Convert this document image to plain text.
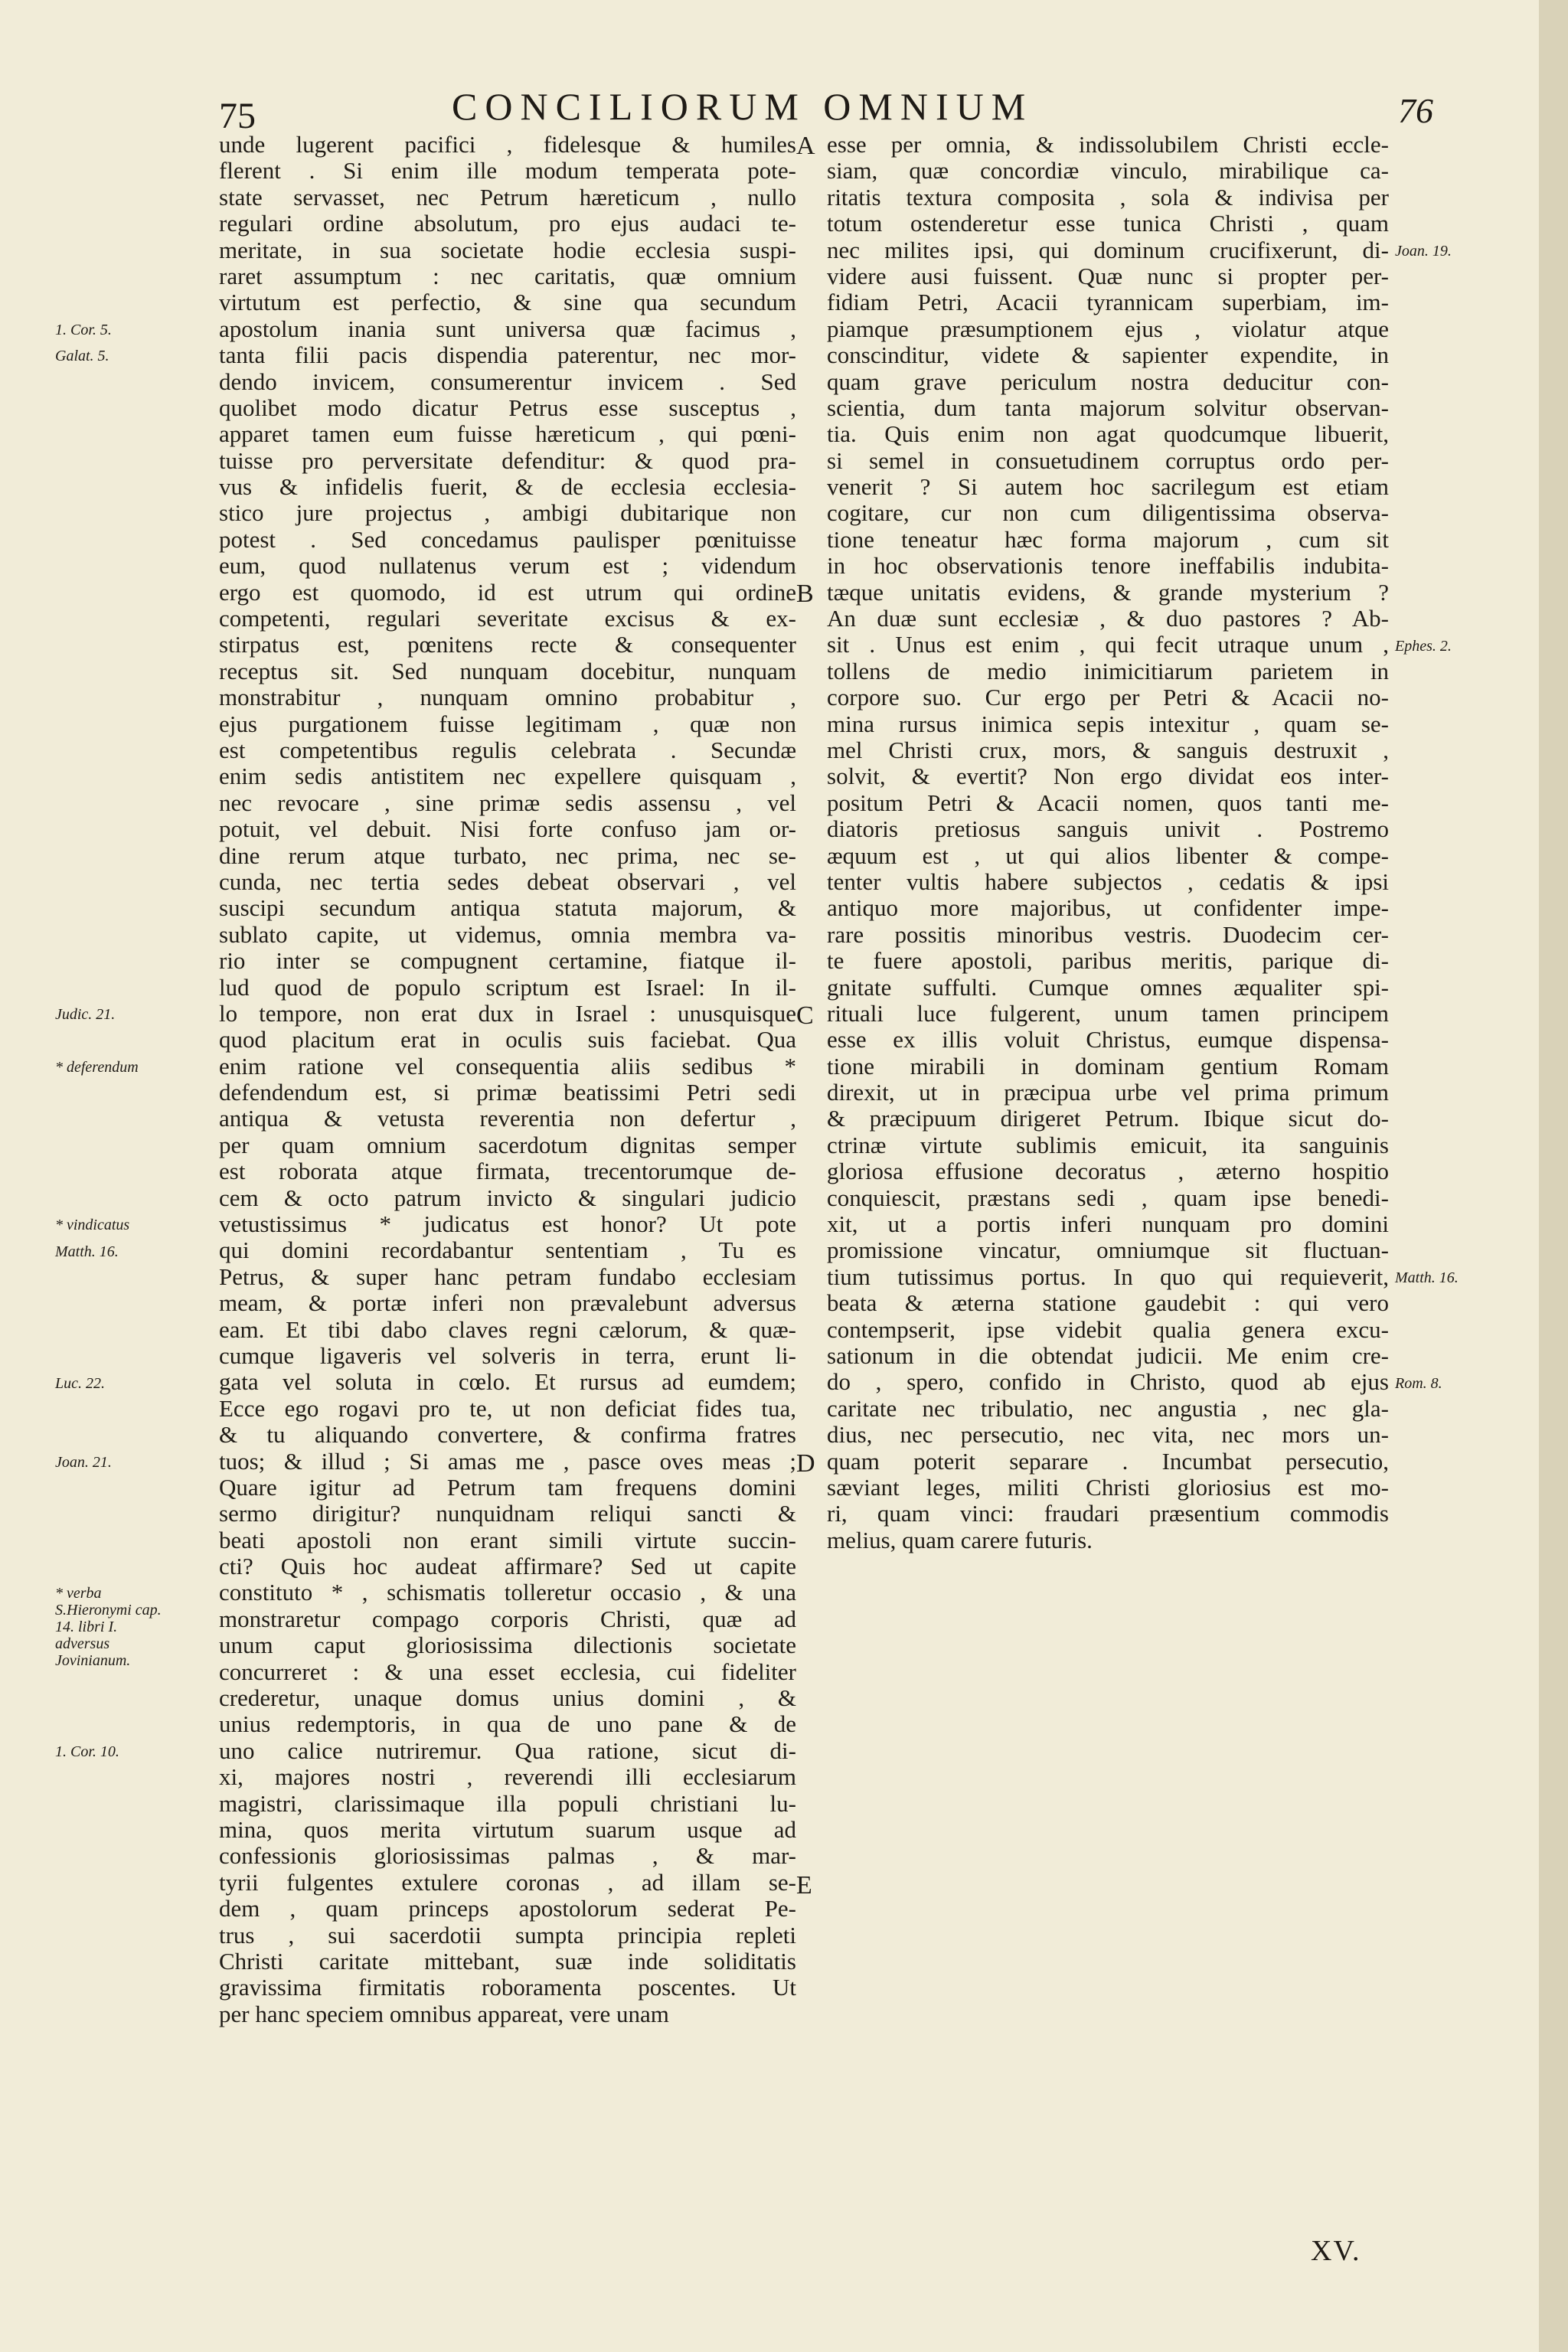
75	CONCILIORUM OMNIUM	76
unde lugerent pacifici , fidelesque & humiles
flerent . Si enim ille modum temperata pote-
state servasset, nec Petrum hæreticum , nullo
regulari ordine absolutum, pro ejus audaci te-
meritate, in sua societate hodie ecclesia suspi-
raret assumptum : nec caritatis, quæ omnium
virtutum est perfectio, & sine qua secundum
apostolum inania sunt universa quæ facimus ,
tanta filii pacis dispendia paterentur, nec mor-
dendo invicem, consumerentur invicem . Sed
quolibet modo dicatur Petrus esse susceptus ,
apparet tamen eum fuisse hæreticum , qui pœni-
tuisse pro perversitate defenditur: & quod pra-
vus & infidelis fuerit, & de ecclesia ecclesia-
stico jure projectus , ambigi dubitarique non
potest . Sed concedamus paulisper pœnituisse
eum, quod nullatenus verum est ; videndum
ergo est quomodo, id est utrum qui ordine
competenti, regulari severitate excisus & ex-
stirpatus est, pœnitens recte & consequenter
receptus sit. Sed nunquam docebitur, nunquam
monstrabitur , nunquam omnino probabitur ,
ejus purgationem fuisse legitimam , quæ non
est competentibus regulis celebrata . Secundæ
enim sedis antistitem nec expellere quisquam ,
nec revocare , sine primæ sedis assensu , vel
potuit, vel debuit. Nisi forte confuso jam or-
dine rerum atque turbato, nec prima, nec se-
cunda, nec tertia sedes debeat observari , vel
suscipi secundum antiqua statuta majorum, &
sublato capite, ut videmus, omnia membra va-
rio inter se compugnent certamine, fiatque il-
lud quod de populo scriptum est Israel: In il-
lo tempore, non erat dux in Israel : unusquisque
quod placitum erat in oculis suis faciebat. Qua
enim ratione vel consequentia aliis sedibus *
defendendum est, si primæ beatissimi Petri sedi
antiqua & vetusta reverentia non defertur ,
per quam omnium sacerdotum dignitas semper
est roborata atque firmata, trecentorumque de-
cem & octo patrum invicto & singulari judicio
vetustissimus * judicatus est honor? Ut pote
qui domini recordabantur sententiam , Tu es
Petrus, & super hanc petram fundabo ecclesiam
meam, & portæ inferi non prævalebunt adversus
eam. Et tibi dabo claves regni cælorum, & quæ-
cumque ligaveris vel solveris in terra, erunt li-
gata vel soluta in cœlo. Et rursus ad eumdem;
Ecce ego rogavi pro te, ut non deficiat fides tua,
& tu aliquando convertere, & confirma fratres
tuos; & illud ; Si amas me , pasce oves meas ;
Quare igitur ad Petrum tam frequens domini
sermo dirigitur? nunquidnam reliqui sancti &
beati apostoli non erant simili virtute succin-
cti? Quis hoc audeat affirmare? Sed ut capite
constituto * , schismatis tolleretur occasio , & una
monstraretur compago corporis Christi, quæ ad
unum caput gloriosissima dilectionis societate
concurreret : & una esset ecclesia, cui fideliter
crederetur, unaque domus unius domini , &
unius redemptoris, in qua de uno pane & de
uno calice nutriremur. Qua ratione, sicut di-
xi, majores nostri , reverendi illi ecclesiarum
magistri, clarissimaque illa populi christiani lu-
mina, quos merita virtutum suarum usque ad
confessionis gloriosissimas palmas , & mar-
tyrii fulgentes extulere coronas , ad illam se-
dem , quam princeps apostolorum sederat Pe-
trus , sui sacerdotii sumpta principia repleti
Christi caritate mittebant, suæ inde soliditatis
gravissima firmitatis roboramenta poscentes. Ut
per hanc speciem omnibus appareat, vere unam
esse per omnia, & indissolubilem Christi eccle-
siam, quæ concordiæ vinculo, mirabilique ca-
ritatis textura composita , sola & indivisa per
totum ostenderetur esse tunica Christi , quam
nec milites ipsi, qui dominum crucifixerunt, di-
videre ausi fuissent. Quæ nunc si propter per-
fidiam Petri, Acacii tyrannicam superbiam, im-
piamque præsumptionem ejus , violatur atque
conscinditur, videte & sapienter expendite, in
quam grave periculum nostra deducitur con-
scientia, dum tanta majorum solvitur observan-
tia. Quis enim non agat quodcumque libuerit,
si semel in consuetudinem corruptus ordo per-
venerit ? Si autem hoc sacrilegum est etiam
cogitare, cur non cum diligentissima observa-
tione teneatur hæc forma majorum , cum sit
in hoc observationis tenore ineffabilis indubita-
tæque unitatis evidens, & grande mysterium ?
An duæ sunt ecclesiæ , & duo pastores ? Ab-
sit . Unus est enim , qui fecit utraque unum ,
tollens de medio inimicitiarum parietem in
corpore suo. Cur ergo per Petri & Acacii no-
mina rursus inimica sepis intexitur , quam se-
mel Christi crux, mors, & sanguis destruxit ,
solvit, & evertit? Non ergo dividat eos inter-
positum Petri & Acacii nomen, quos tanti me-
diatoris pretiosus sanguis univit . Postremo
æquum est , ut qui alios libenter & compe-
tenter vultis habere subjectos , cedatis & ipsi
antiquo more majoribus, ut confidenter impe-
rare possitis minoribus vestris. Duodecim cer-
te fuere apostoli, paribus meritis, parique di-
gnitate suffulti. Cumque omnes æqualiter spi-
rituali luce fulgerent, unum tamen principem
esse ex illis voluit Christus, eumque dispensa-
tione mirabili in dominam gentium Romam
direxit, ut in præcipua urbe vel prima primum
& præcipuum dirigeret Petrum. Ibique sicut do-
ctrinæ virtute sublimis emicuit, ita sanguinis
gloriosa effusione decoratus , æterno hospitio
conquiescit, præstans sedi , quam ipse benedi-
xit, ut a portis inferi nunquam pro domini
promissione vincatur, omniumque sit fluctuan-
tium tutissimus portus. In quo qui requieverit,
beata & æterna statione gaudebit : qui vero
contempserit, ipse videbit qualia genera excu-
sationum in die obtendat judicii. Me enim cre-
do , spero, confido in Christo, quod ab ejus
caritate nec tribulatio, nec angustia , nec gla-
dius, nec persecutio, nec vita, nec mors un-
quam poterit separare . Incumbat persecutio,
sæviant leges, militi Christi gloriosius est mo-
ri, quam vinci: fraudari præsentium commodis
melius, quam carere futuris.
1. Cor. 5.
Galat. 5.
Judic. 21.
* deferendum
* vindicatus
Matth. 16.
Luc. 22.
Joan. 21.
* verba S.Hieronymi cap. 14. libri I. adversus Jovinianum.
1. Cor. 10.
Joan. 19.
Ephes. 2.
Matth. 16.
Rom. 8.
A
B
C
D
E
XV.
